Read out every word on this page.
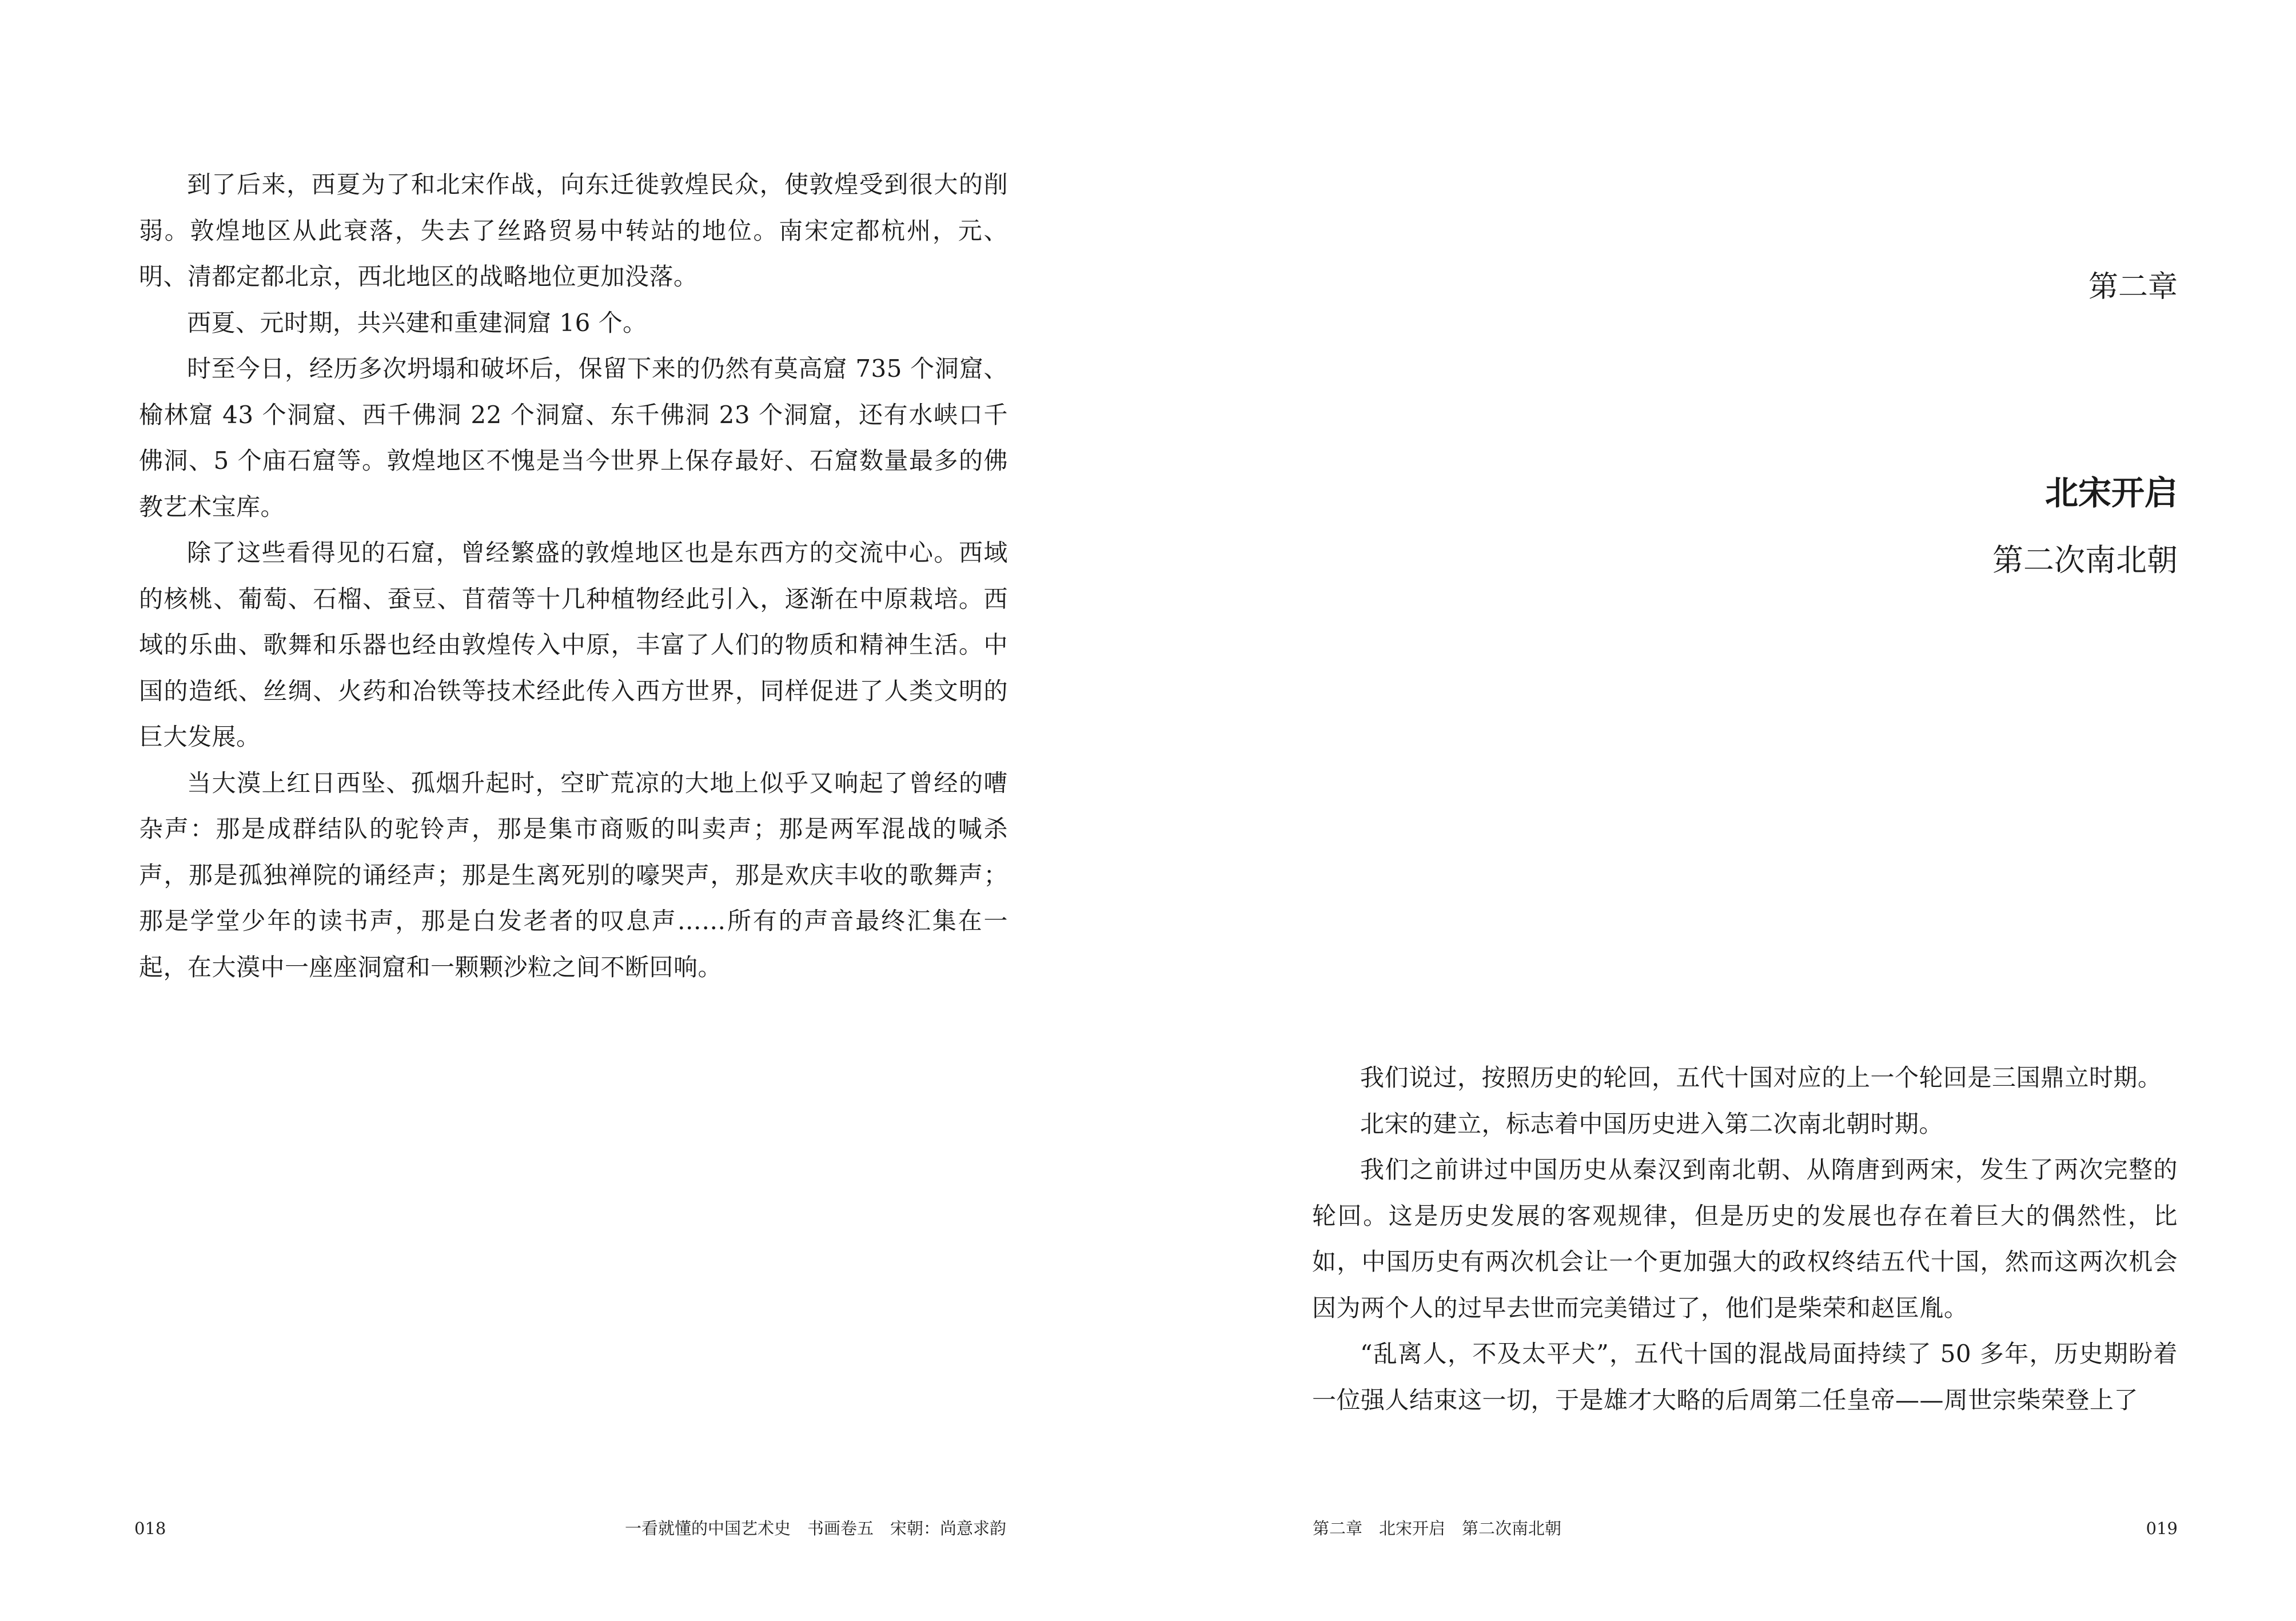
到了后来，西夏为了和北宋作战，向东迁徙敦煌民众，使敦煌受到很大的削弱。敦煌地区从此衰落，失去了丝路贸易中转站的地位。南宋定都杭州，元、明、清都定都北京，西北地区的战略地位更加没落。

西夏、元时期，共兴建和重建洞窟 16 个。

时至今日，经历多次坍塌和破坏后，保留下来的仍然有莫高窟 735 个洞窟、榆林窟 43 个洞窟、西千佛洞 22 个洞窟、东千佛洞 23 个洞窟，还有水峡口千佛洞、5 个庙石窟等。敦煌地区不愧是当今世界上保存最好、石窟数量最多的佛教艺术宝库。

除了这些看得见的石窟，曾经繁盛的敦煌地区也是东西方的交流中心。西域的核桃、葡萄、石榴、蚕豆、苜蓿等十几种植物经此引入，逐渐在中原栽培。西域的乐曲、歌舞和乐器也经由敦煌传入中原，丰富了人们的物质和精神生活。中国的造纸、丝绸、火药和冶铁等技术经此传入西方世界，同样促进了人类文明的巨大发展。

当大漠上红日西坠、孤烟升起时，空旷荒凉的大地上似乎又响起了曾经的嘈杂声：那是成群结队的驼铃声，那是集市商贩的叫卖声；那是两军混战的喊杀声，那是孤独禅院的诵经声；那是生离死别的嚎哭声，那是欢庆丰收的歌舞声；那是学堂少年的读书声，那是白发老者的叹息声……所有的声音最终汇集在一起，在大漠中一座座洞窟和一颗颗沙粒之间不断回响。

018	一看就懂的中国艺术史　书画卷五　宋朝：尚意求韵
第二章
北宋开启
第二次南北朝

我们说过，按照历史的轮回，五代十国对应的上一个轮回是三国鼎立时期。

北宋的建立，标志着中国历史进入第二次南北朝时期。

我们之前讲过中国历史从秦汉到南北朝、从隋唐到两宋，发生了两次完整的轮回。这是历史发展的客观规律，但是历史的发展也存在着巨大的偶然性，比如，中国历史有两次机会让一个更加强大的政权终结五代十国，然而这两次机会因为两个人的过早去世而完美错过了，他们是柴荣和赵匡胤。

“乱离人，不及太平犬”，五代十国的混战局面持续了 50 多年，历史期盼着一位强人结束这一切，于是雄才大略的后周第二任皇帝——周世宗柴荣登上了

第二章　北宋开启　第二次南北朝	019
